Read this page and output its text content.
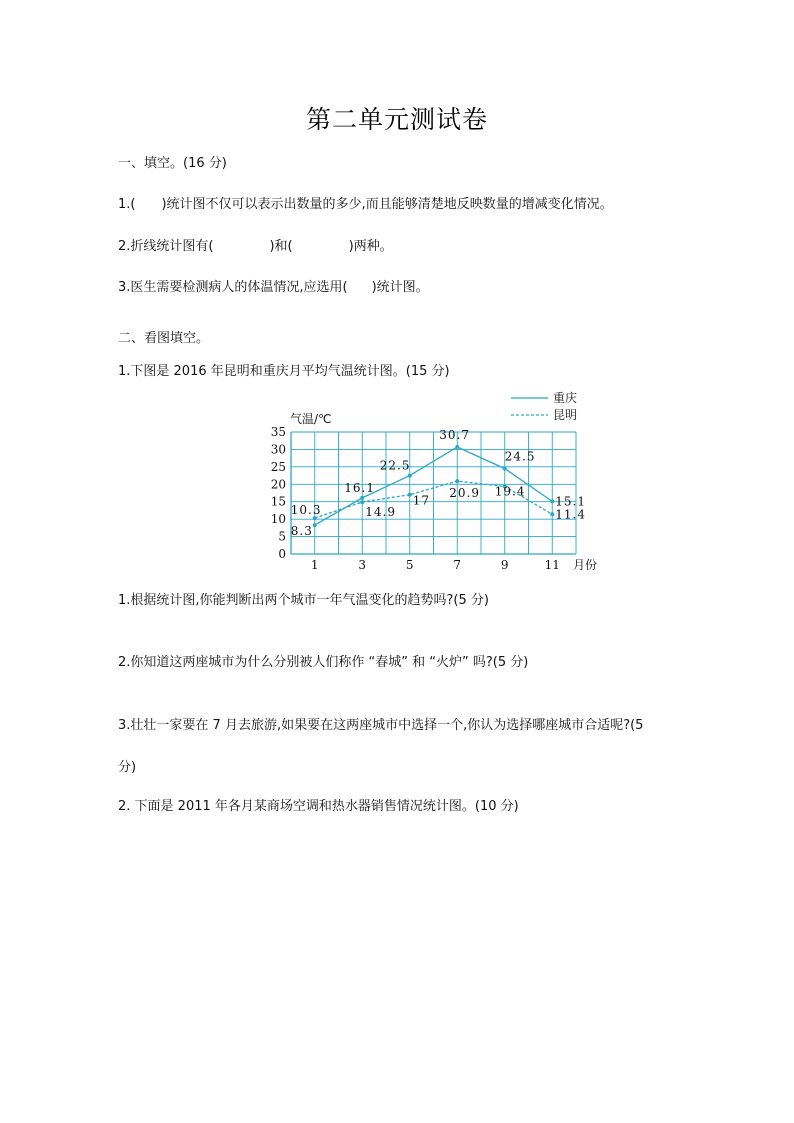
第二单元测试卷
一、填空。(16 分)
1.( )统计图不仅可以表示出数量的多少,而且能够清楚地反映数量的增减变化情况。
2.折线统计图有(	)和(	)两种。
3.医生需要检测病人的体温情况,应选用( )统计图。
二、看图填空。
1.下图是 2016 年昆明和重庆月平均气温统计图。(15 分)
重庆
昆明
气温/℃
月份
8.3
16.1
22.5
30.7
24.5
15.1
10.3	14.9
17
20.9 19.4
11.4
0
5
10
15
20
25
30
35
1	3	5	7	9	11
1.根据统计图,你能判断出两个城市一年气温变化的趋势吗?(5 分)
2.你知道这两座城市为什么分别被人们称作 “春城” 和 “火炉” 吗?(5 分)
3.壮壮一家要在 7 月去旅游,如果要在这两座城市中选择一个,你认为选择哪座城市合适呢?(5
分)
2. 下面是 2011 年各月某商场空调和热水器销售情况统计图。(10 分)
